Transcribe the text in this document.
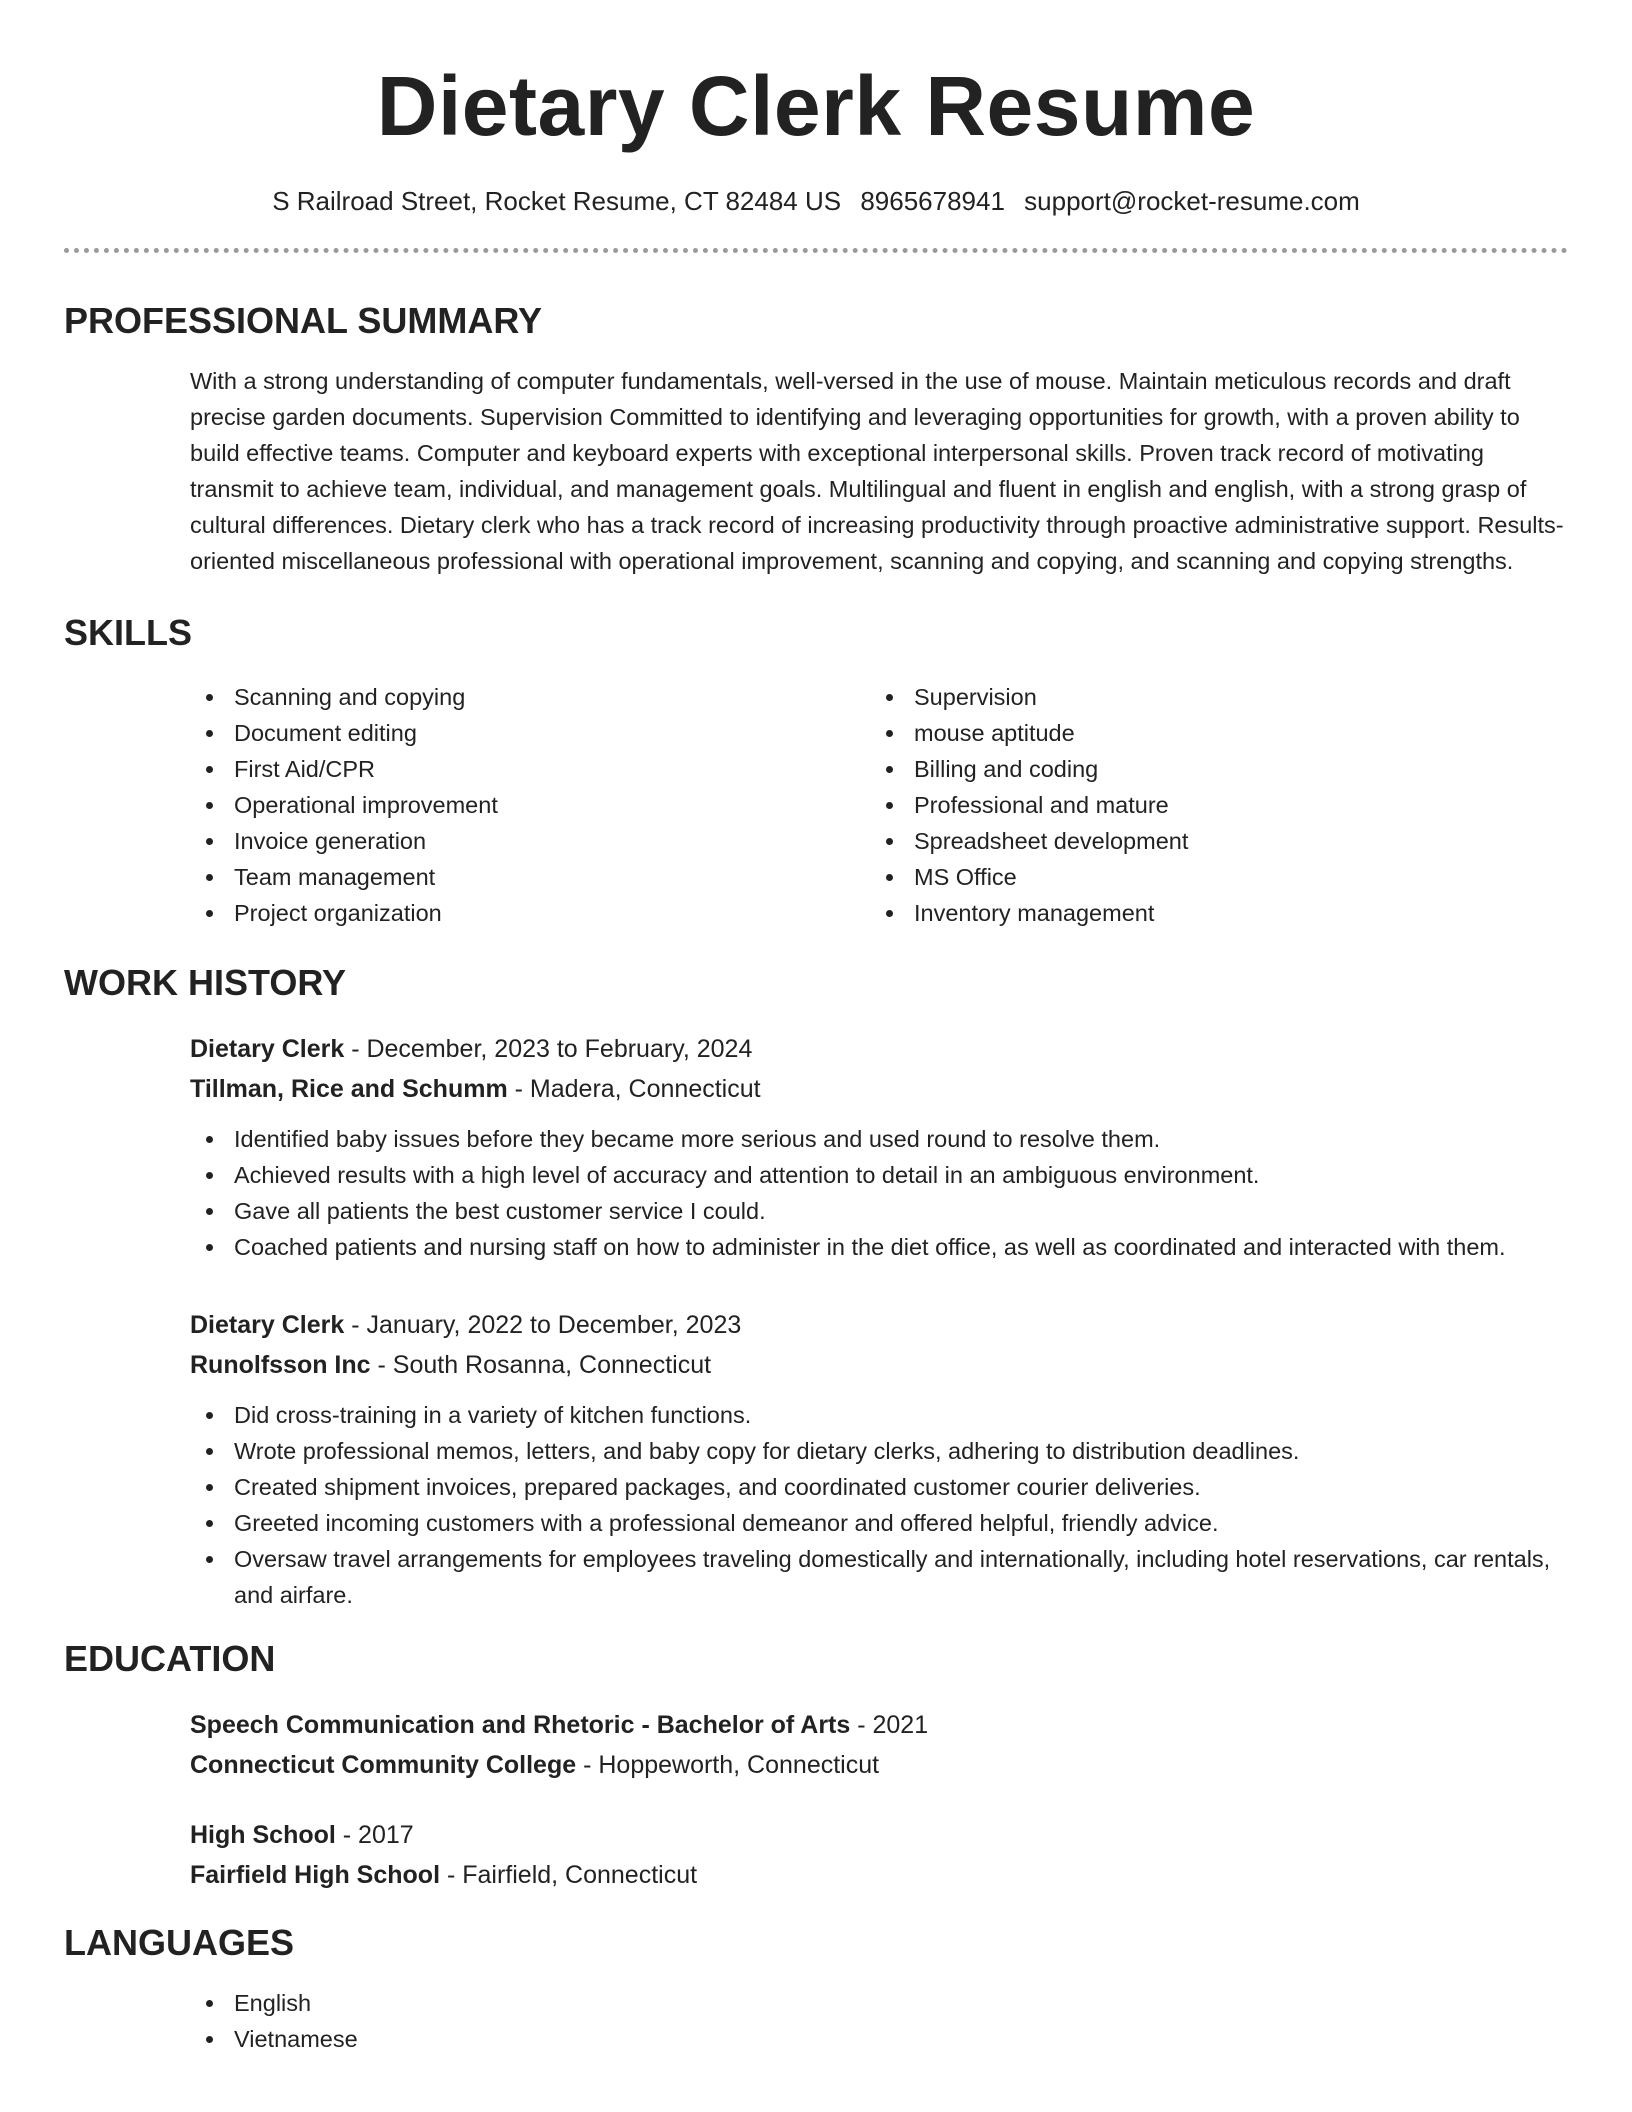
Dietary Clerk Resume
S Railroad Street, Rocket Resume, CT 82484 US 8965678941 support@rocket-resume.com
PROFESSIONAL SUMMARY

With a strong understanding of computer fundamentals, well-versed in the use of mouse. Maintain meticulous records and draft precise garden documents. Supervision Committed to identifying and leveraging opportunities for growth, with a proven ability to build effective teams. Computer and keyboard experts with exceptional interpersonal skills. Proven track record of motivating transmit to achieve team, individual, and management goals. Multilingual and fluent in english and english, with a strong grasp of cultural differences. Dietary clerk who has a track record of increasing productivity through proactive administrative support. Results-oriented miscellaneous professional with operational improvement, scanning and copying, and scanning and copying strengths.

SKILLS
Scanning and copying
Document editing
First Aid/CPR
Operational improvement
Invoice generation
Team management
Project organization
Supervision
mouse aptitude
Billing and coding
Professional and mature
Spreadsheet development
MS Office
Inventory management
WORK HISTORY
Dietary Clerk - December, 2023 to February, 2024
Tillman, Rice and Schumm - Madera, Connecticut
Identified baby issues before they became more serious and used round to resolve them.
Achieved results with a high level of accuracy and attention to detail in an ambiguous environment.
Gave all patients the best customer service I could.
Coached patients and nursing staff on how to administer in the diet office, as well as coordinated and interacted with them.
Dietary Clerk - January, 2022 to December, 2023
Runolfsson Inc - South Rosanna, Connecticut
Did cross-training in a variety of kitchen functions.
Wrote professional memos, letters, and baby copy for dietary clerks, adhering to distribution deadlines.
Created shipment invoices, prepared packages, and coordinated customer courier deliveries.
Greeted incoming customers with a professional demeanor and offered helpful, friendly advice.
Oversaw travel arrangements for employees traveling domestically and internationally, including hotel reservations, car rentals, and airfare.
EDUCATION
Speech Communication and Rhetoric - Bachelor of Arts - 2021
Connecticut Community College - Hoppeworth, Connecticut
High School - 2017
Fairfield High School - Fairfield, Connecticut
LANGUAGES
English
Vietnamese
